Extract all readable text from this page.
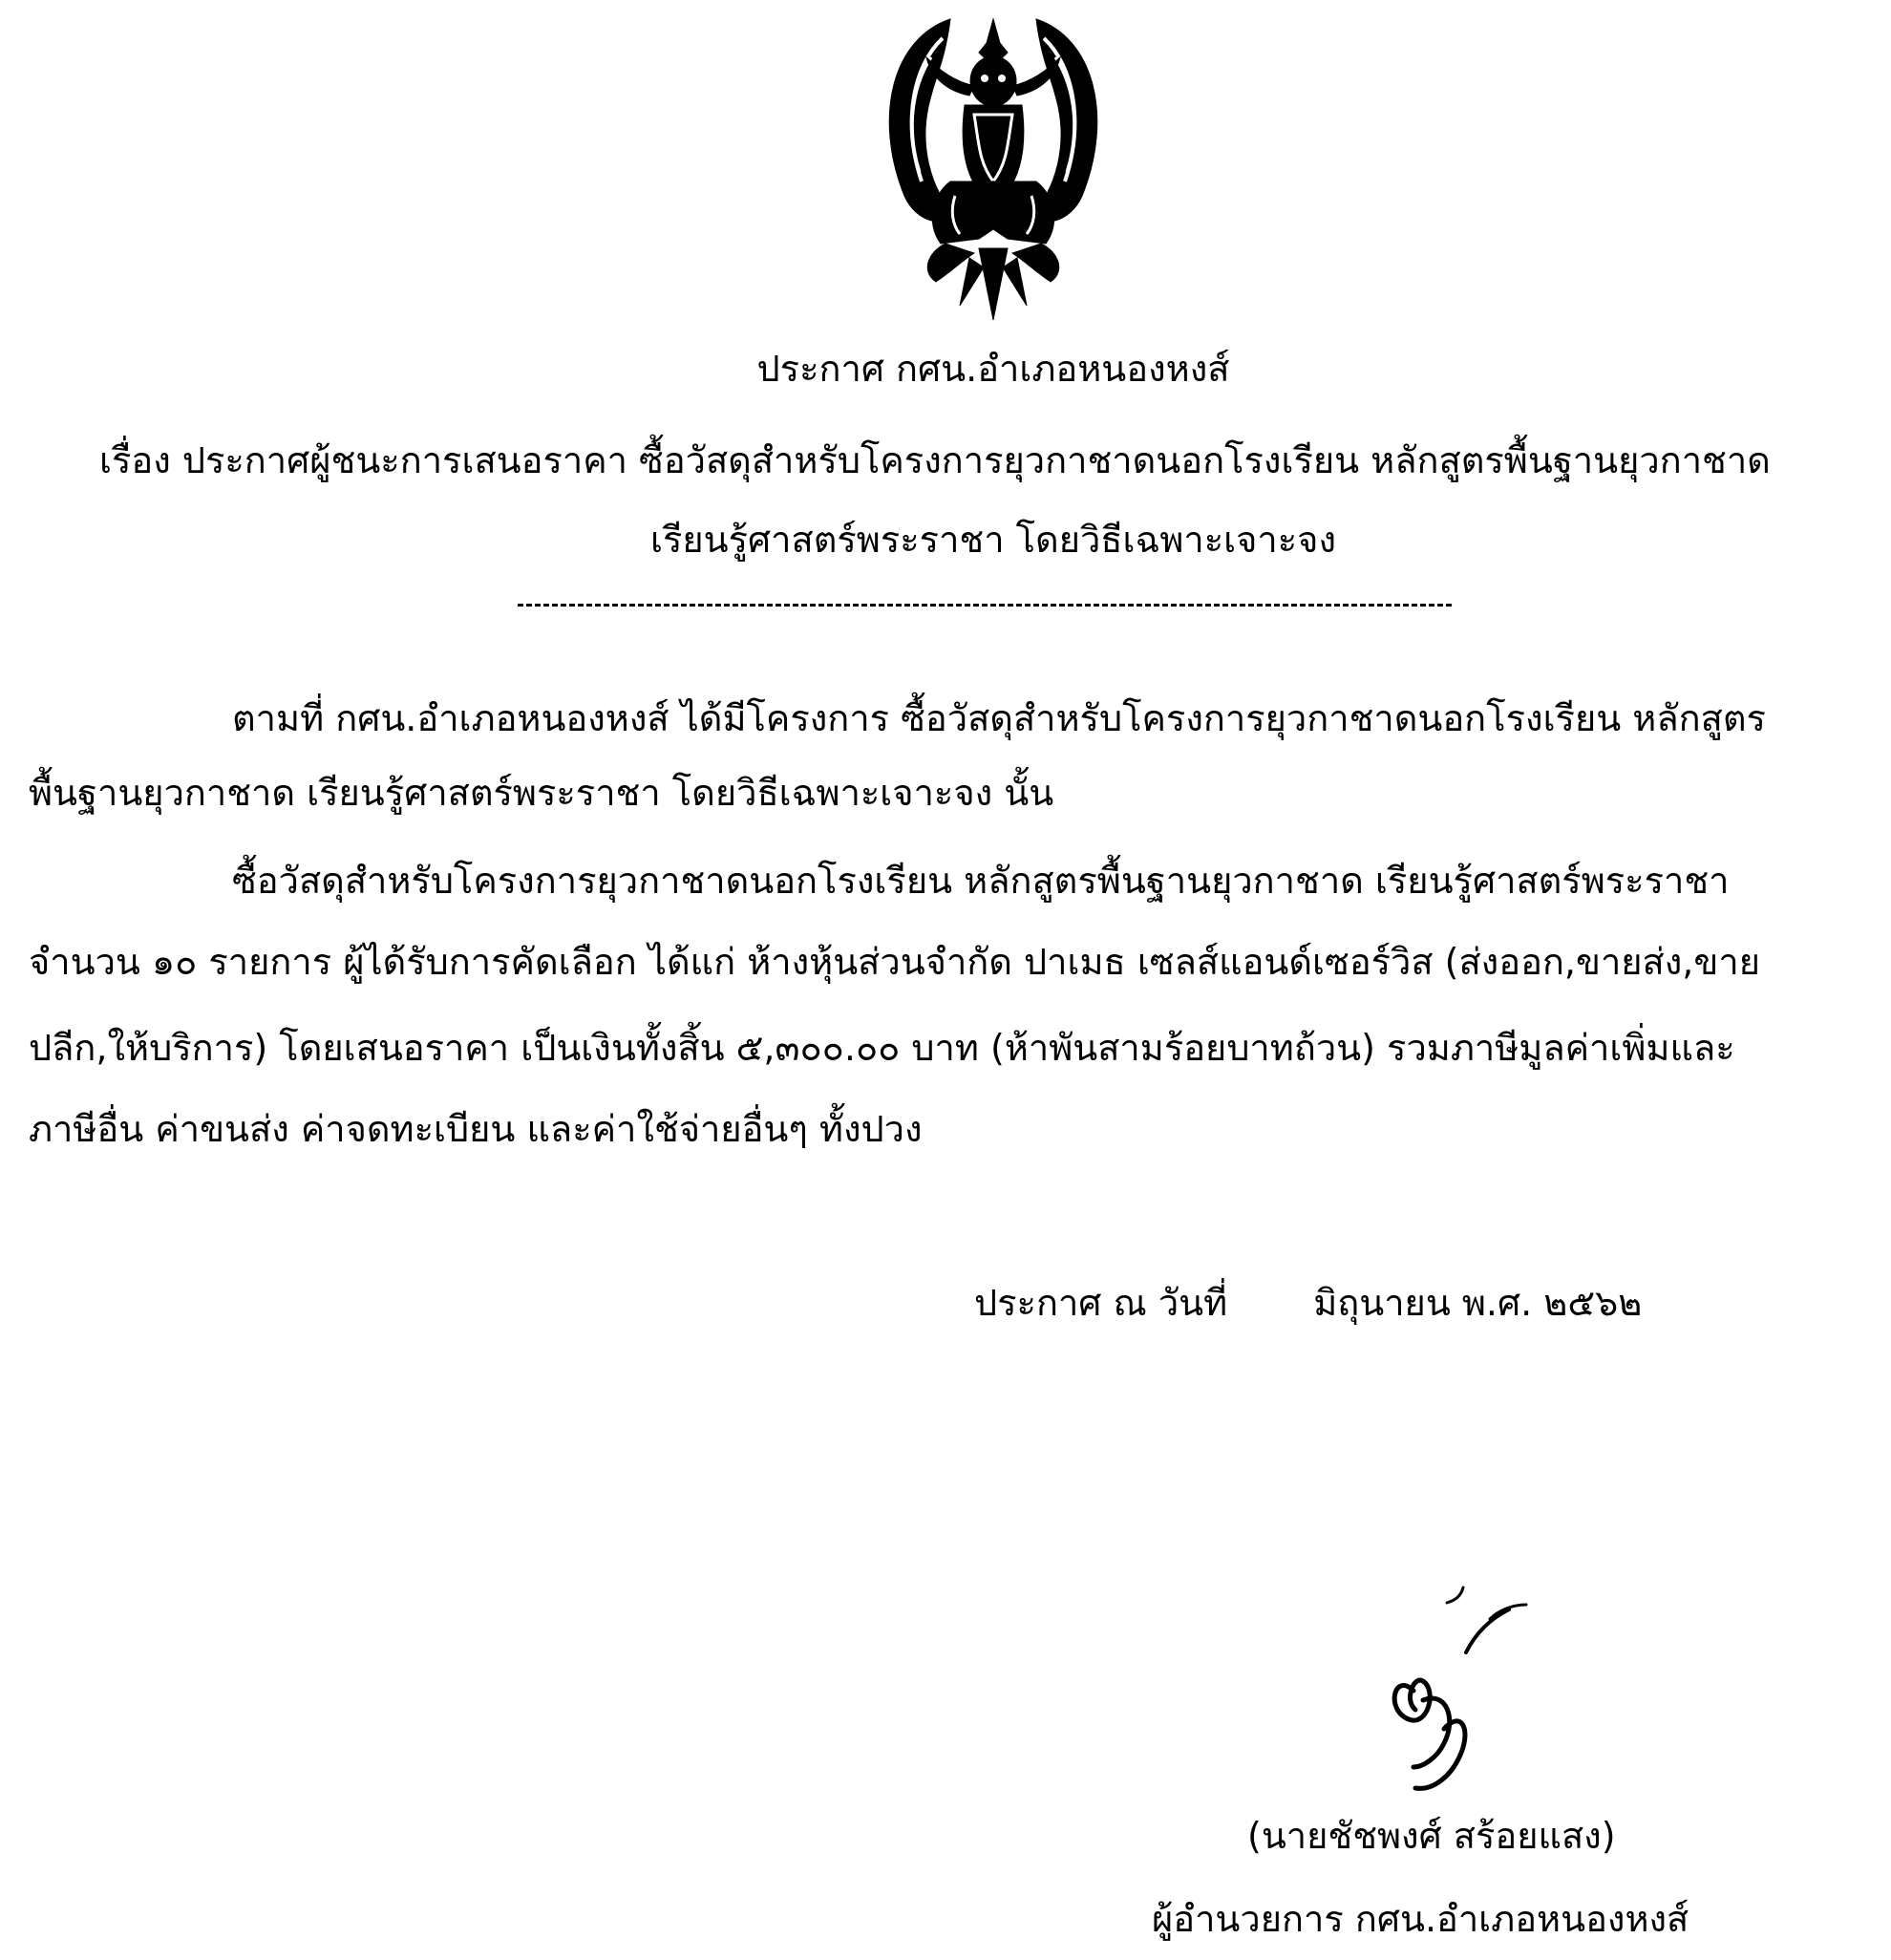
ประกาศ กศน.อำเภอหนองหงส์
เรื่อง ประกาศผู้ชนะการเสนอราคา ซื้อวัสดุสำหรับโครงการยุวกาชาดนอกโรงเรียน หลักสูตรพื้นฐานยุวกาชาด
เรียนรู้ศาสตร์พระราชา โดยวิธีเฉพาะเจาะจง
ตามที่ กศน.อำเภอหนองหงส์ ได้มีโครงการ ซื้อวัสดุสำหรับโครงการยุวกาชาดนอกโรงเรียน หลักสูตร
พื้นฐานยุวกาชาด เรียนรู้ศาสตร์พระราชา โดยวิธีเฉพาะเจาะจง นั้น
ซื้อวัสดุสำหรับโครงการยุวกาชาดนอกโรงเรียน หลักสูตรพื้นฐานยุวกาชาด เรียนรู้ศาสตร์พระราชา
จำนวน ๑๐ รายการ ผู้ได้รับการคัดเลือก ได้แก่ ห้างหุ้นส่วนจำกัด ปาเมธ เซลส์แอนด์เซอร์วิส (ส่งออก,ขายส่ง,ขาย
ปลีก,ให้บริการ) โดยเสนอราคา เป็นเงินทั้งสิ้น ๕,๓๐๐.๐๐ บาท (ห้าพันสามร้อยบาทถ้วน) รวมภาษีมูลค่าเพิ่มและ
ภาษีอื่น ค่าขนส่ง ค่าจดทะเบียน และค่าใช้จ่ายอื่นๆ ทั้งปวง
ประกาศ ณ วันที่ มิถุนายน พ.ศ. ๒๕๖๒
(นายชัชพงศ์ สร้อยแสง)
ผู้อำนวยการ กศน.อำเภอหนองหงส์
